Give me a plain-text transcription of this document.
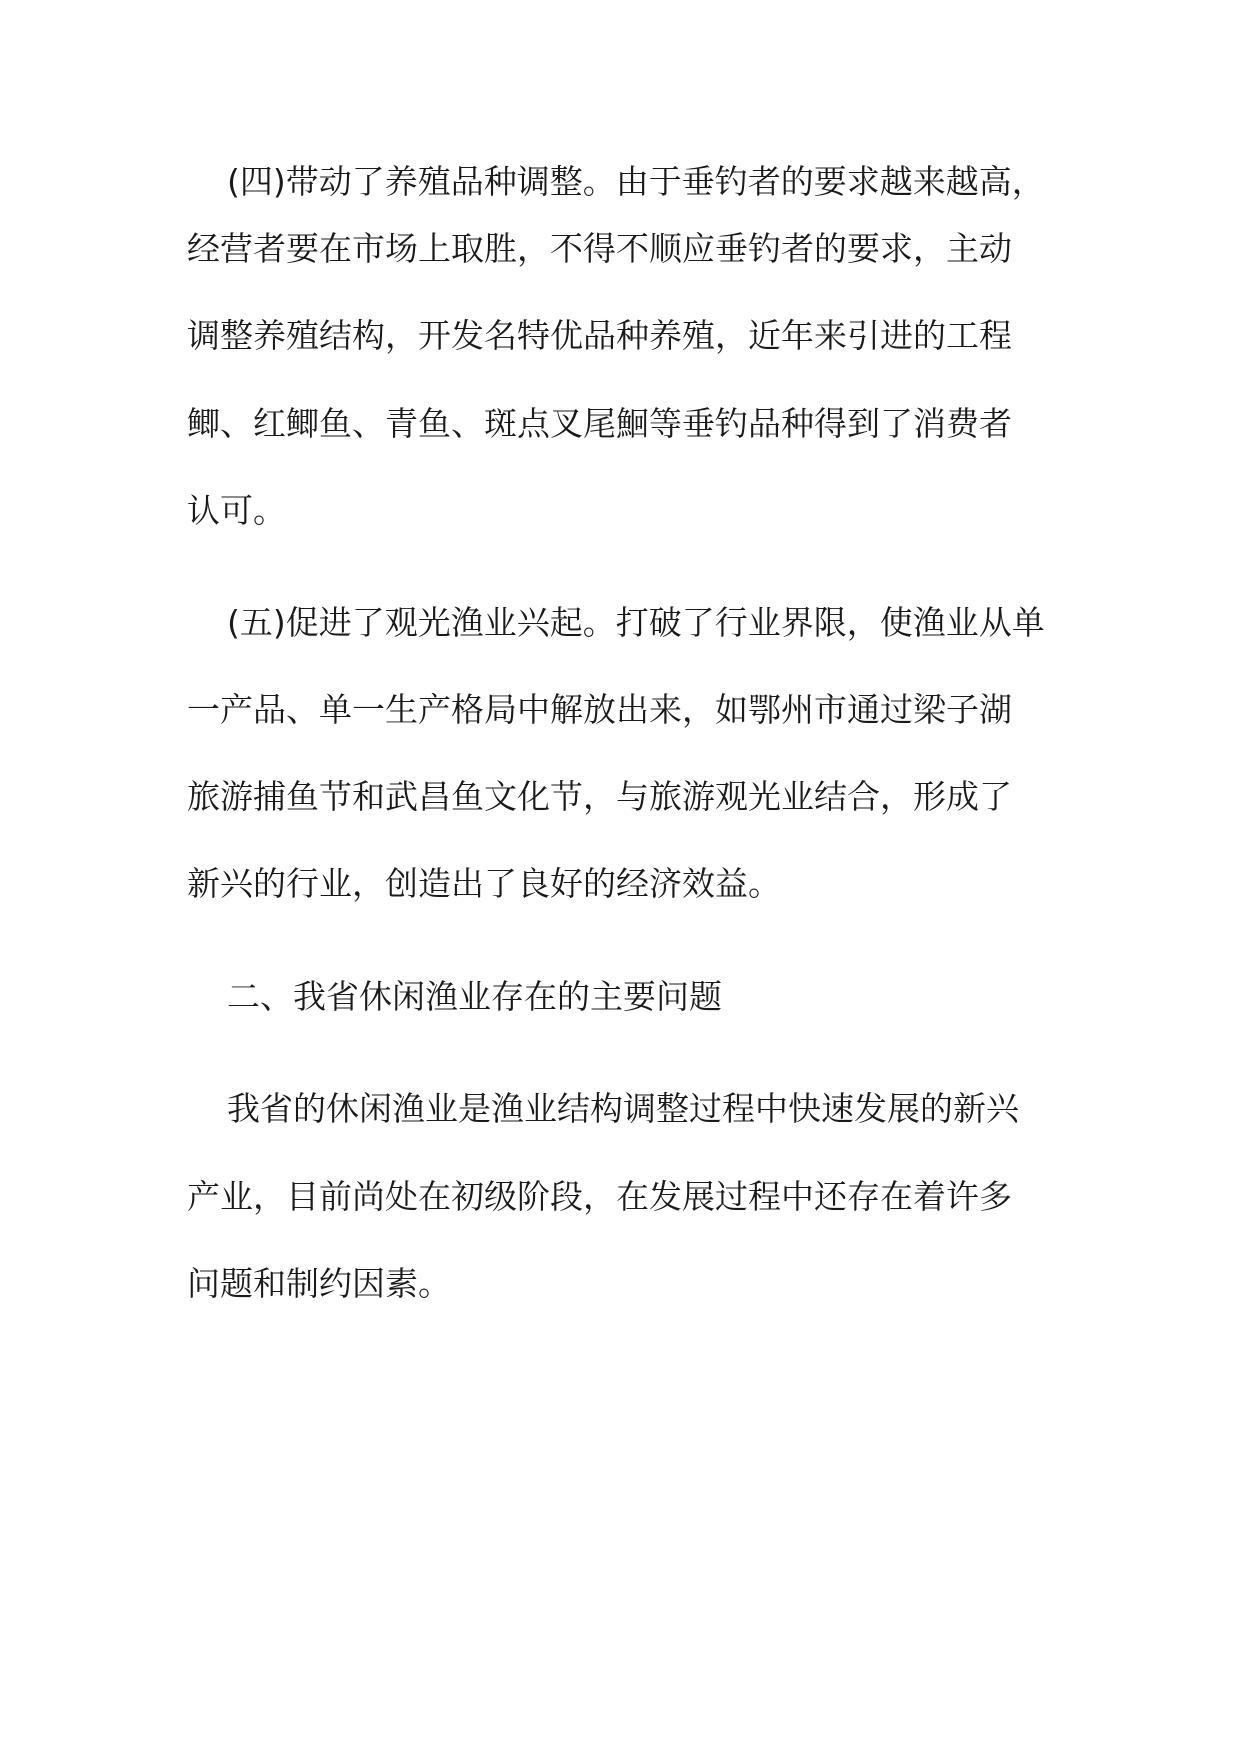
(四)带动了养殖品种调整。由于垂钓者的要求越来越高，
经营者要在市场上取胜，不得不顺应垂钓者的要求，主动
调整养殖结构，开发名特优品种养殖，近年来引进的工程
鲫、红鲫鱼、青鱼、斑点叉尾鮰等垂钓品种得到了消费者
认可。
(五)促进了观光渔业兴起。打破了行业界限，使渔业从单
一产品、单一生产格局中解放出来，如鄂州市通过梁子湖
旅游捕鱼节和武昌鱼文化节，与旅游观光业结合，形成了
新兴的行业，创造出了良好的经济效益。
二、我省休闲渔业存在的主要问题
我省的休闲渔业是渔业结构调整过程中快速发展的新兴
产业，目前尚处在初级阶段，在发展过程中还存在着许多
问题和制约因素。
